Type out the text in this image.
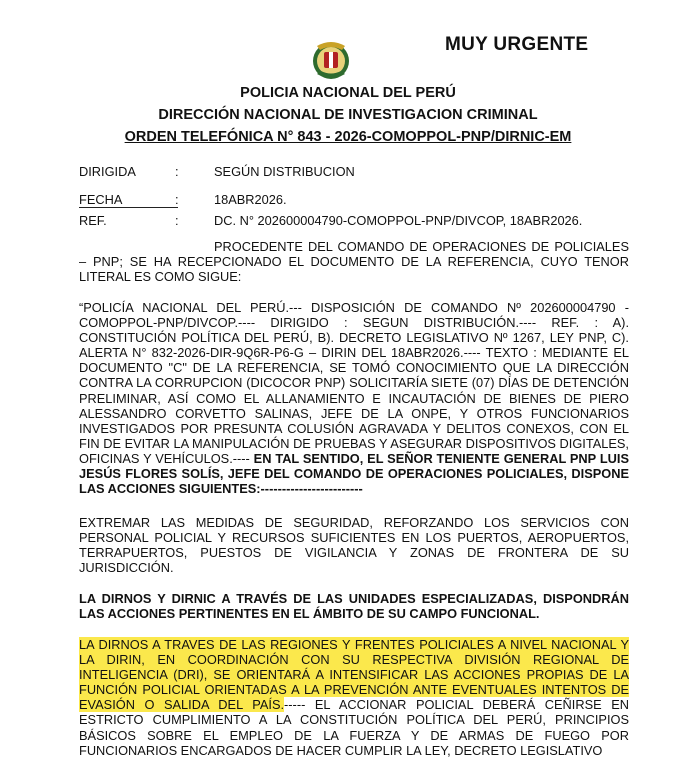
MUY URGENTE
POLICIA NACIONAL DEL PERÚ
DIRECCIÓN NACIONAL DE INVESTIGACION CRIMINAL
ORDEN TELEFÓNICA N° 843 - 2026-COMOPPOL-PNP/DIRNIC-EM
DIRIGIDA	:	SEGÚN DISTRIBUCION
FECHA	:	18ABR2026.
REF.	:	DC. N° 202600004790-COMOPPOL-PNP/DIVCOP, 18ABR2026.

PROCEDENTE DEL COMANDO DE OPERACIONES DE POLICIALES – PNP; SE HA RECEPCIONADO EL DOCUMENTO DE LA REFERENCIA, CUYO TENOR LITERAL ES COMO SIGUE:

“POLICÍA NACIONAL DEL PERÚ.--- DISPOSICIÓN DE COMANDO Nº 202600004790 - COMOPPOL-PNP/DIVCOP.---- DIRIGIDO : SEGUN DISTRIBUCIÓN.---- REF. : A). CONSTITUCIÓN POLÍTICA DEL PERÚ, B). DECRETO LEGISLATIVO Nº 1267, LEY PNP, C). ALERTA N° 832-2026-DIR-9Q6R-P6-G – DIRIN DEL 18ABR2026.---- TEXTO : MEDIANTE EL DOCUMENTO "C" DE LA REFERENCIA, SE TOMÓ CONOCIMIENTO QUE LA DIRECCIÓN CONTRA LA CORRUPCION (DICOCOR PNP) SOLICITARÍA SIETE (07) DÍAS DE DETENCIÓN PRELIMINAR, ASÍ COMO EL ALLANAMIENTO E INCAUTACIÓN DE BIENES DE PIERO ALESSANDRO CORVETTO SALINAS, JEFE DE LA ONPE, Y OTROS FUNCIONARIOS INVESTIGADOS POR PRESUNTA COLUSIÓN AGRAVADA Y DELITOS CONEXOS, CON EL FIN DE EVITAR LA MANIPULACIÓN DE PRUEBAS Y ASEGURAR DISPOSITIVOS DIGITALES, OFICINAS Y VEHÍCULOS.---- EN TAL SENTIDO, EL SEÑOR TENIENTE GENERAL PNP LUIS JESÚS FLORES SOLÍS, JEFE DEL COMANDO DE OPERACIONES POLICIALES, DISPONE LAS ACCIONES SIGUIENTES:------------------------

EXTREMAR LAS MEDIDAS DE SEGURIDAD, REFORZANDO LOS SERVICIOS CON PERSONAL POLICIAL Y RECURSOS SUFICIENTES EN LOS PUERTOS, AEROPUERTOS, TERRAPUERTOS, PUESTOS DE VIGILANCIA Y ZONAS DE FRONTERA DE SU JURISDICCIÓN.

LA DIRNOS Y DIRNIC A TRAVÉS DE LAS UNIDADES ESPECIALIZADAS, DISPONDRÁN LAS ACCIONES PERTINENTES EN EL ÁMBITO DE SU CAMPO FUNCIONAL.

LA DIRNOS A TRAVES DE LAS REGIONES Y FRENTES POLICIALES A NIVEL NACIONAL Y LA DIRIN, EN COORDINACIÓN CON SU RESPECTIVA DIVISIÓN REGIONAL DE INTELIGENCIA (DRI), SE ORIENTARÁ A INTENSIFICAR LAS ACCIONES PROPIAS DE LA FUNCIÓN POLICIAL ORIENTADAS A LA PREVENCIÓN ANTE EVENTUALES INTENTOS DE EVASIÓN O SALIDA DEL PAÍS.----- EL ACCIONAR POLICIAL DEBERÁ CEÑIRSE EN ESTRICTO CUMPLIMIENTO A LA CONSTITUCIÓN POLÍTICA DEL PERÚ, PRINCIPIOS BÁSICOS SOBRE EL EMPLEO DE LA FUERZA Y DE ARMAS DE FUEGO POR FUNCIONARIOS ENCARGADOS DE HACER CUMPLIR LA LEY, DECRETO LEGISLATIVO
